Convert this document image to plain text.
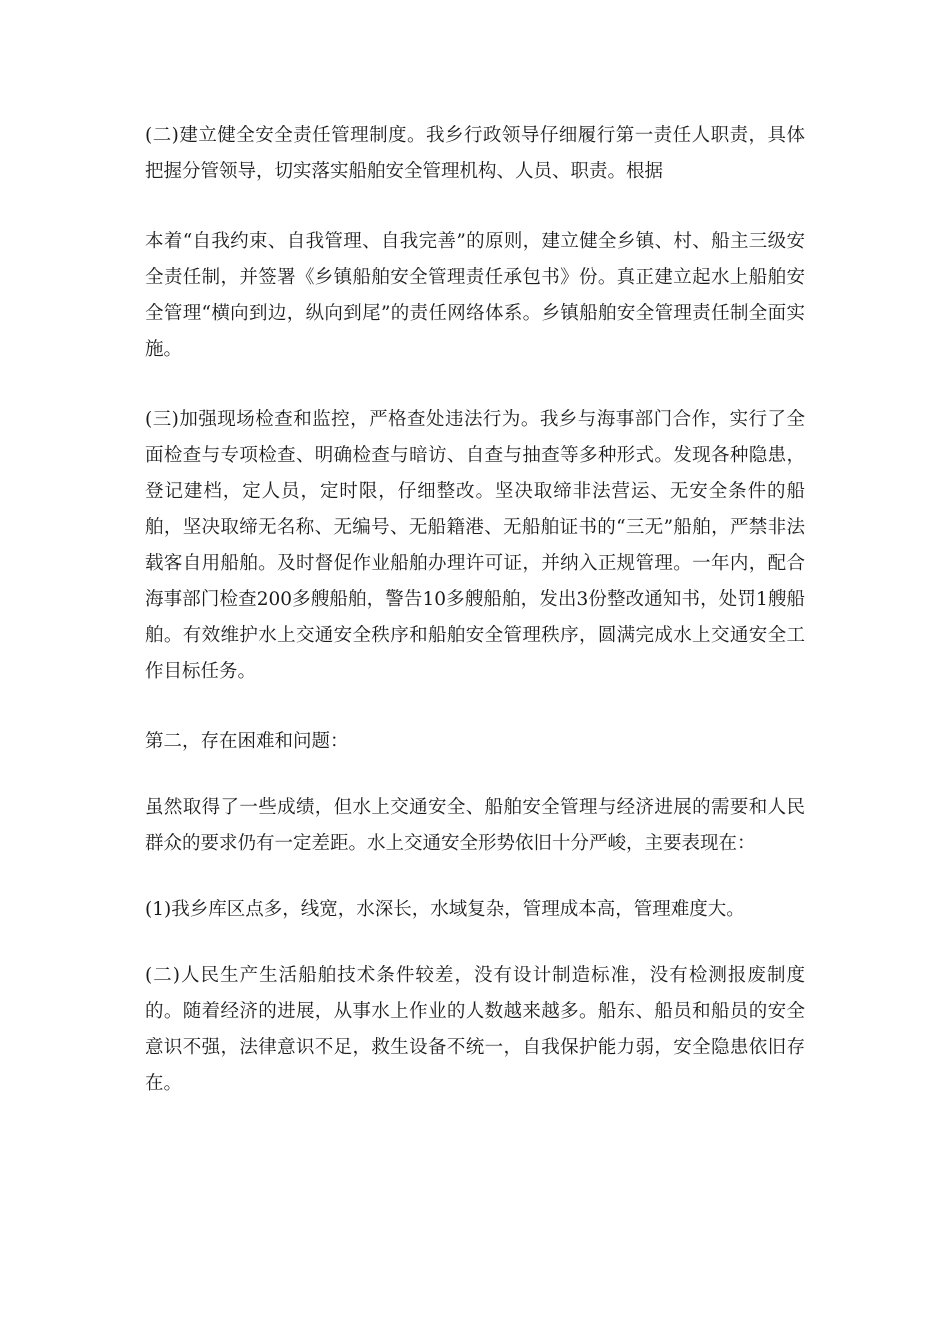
(二)建立健全安全责任管理制度。我乡行政领导仔细履行第一责任人职责，具体把握分管领导，切实落实船舶安全管理机构、人员、职责。根据

本着“自我约束、自我管理、自我完善”的原则，建立健全乡镇、村、船主三级安全责任制，并签署《乡镇船舶安全管理责任承包书》份。真正建立起水上船舶安全管理“横向到边，纵向到尾”的责任网络体系。乡镇船舶安全管理责任制全面实施。

(三)加强现场检查和监控，严格查处违法行为。我乡与海事部门合作，实行了全面检查与专项检查、明确检查与暗访、自查与抽查等多种形式。发现各种隐患，登记建档，定人员，定时限，仔细整改。坚决取缔非法营运、无安全条件的船舶，坚决取缔无名称、无编号、无船籍港、无船舶证书的“三无”船舶，严禁非法载客自用船舶。及时督促作业船舶办理许可证，并纳入正规管理。一年内，配合海事部门检查200多艘船舶，警告10多艘船舶，发出3份整改通知书，处罚1艘船舶。有效维护水上交通安全秩序和船舶安全管理秩序，圆满完成水上交通安全工作目标任务。

第二，存在困难和问题：

虽然取得了一些成绩，但水上交通安全、船舶安全管理与经济进展的需要和人民群众的要求仍有一定差距。水上交通安全形势依旧十分严峻，主要表现在：

(1)我乡库区点多，线宽，水深长，水域复杂，管理成本高，管理难度大。

(二)人民生产生活船舶技术条件较差，没有设计制造标准，没有检测报废制度的。随着经济的进展，从事水上作业的人数越来越多。船东、船员和船员的安全意识不强，法律意识不足，救生设备不统一，自我保护能力弱，安全隐患依旧存在。
